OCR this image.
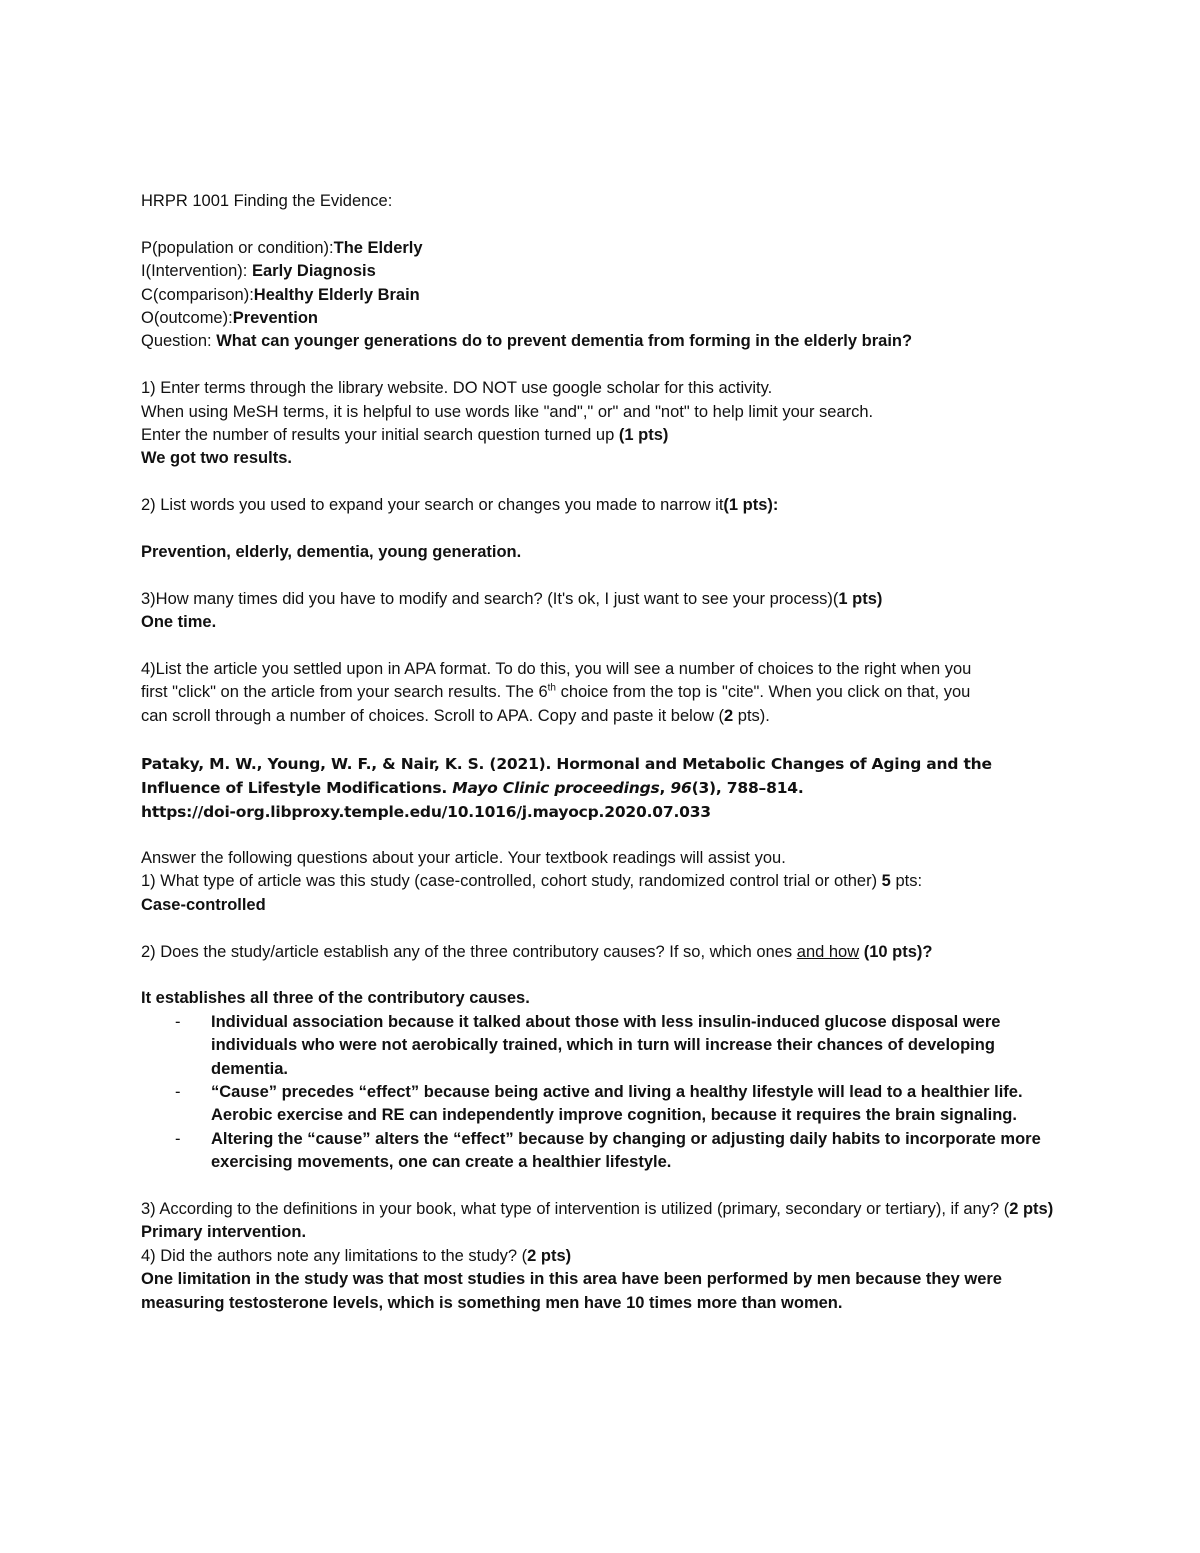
HRPR 1001 Finding the Evidence:

P(population or condition):The Elderly

I(Intervention): Early Diagnosis

C(comparison):Healthy Elderly Brain

O(outcome):Prevention

Question: What can younger generations do to prevent dementia from forming in the elderly brain?

1) Enter terms through the library website. DO NOT use google scholar for this activity.

When using MeSH terms, it is helpful to use words like "and"," or" and "not" to help limit your search.

Enter the number of results your initial search question turned up (1 pts)

We got two results.

2) List words you used to expand your search or changes you made to narrow it(1 pts):

Prevention, elderly, dementia, young generation.

3)How many times did you have to modify and search? (It's ok, I just want to see your process)(1 pts)

One time.

4)List the article you settled upon in APA format. To do this, you will see a number of choices to the right when you

first "click" on the article from your search results. The 6th choice from the top is "cite". When you click on that, you

can scroll through a number of choices. Scroll to APA. Copy and paste it below (2 pts).

Pataky, M. W., Young, W. F., & Nair, K. S. (2021). Hormonal and Metabolic Changes of Aging and the Influence of Lifestyle Modifications. Mayo Clinic proceedings, 96(3), 788–814.

https://doi-org.libproxy.temple.edu/10.1016/j.mayocp.2020.07.033

Answer the following questions about your article. Your textbook readings will assist you.

1) What type of article was this study (case-controlled, cohort study, randomized control trial or other) 5 pts:

Case-controlled

2) Does the study/article establish any of the three contributory causes? If so, which ones and how (10 pts)?

It establishes all three of the contributory causes.

- Individual association because it talked about those with less insulin-induced glucose disposal were individuals who were not aerobically trained, which in turn will increase their chances of developing dementia.
- “Cause” precedes “effect” because being active and living a healthy lifestyle will lead to a healthier life. Aerobic exercise and RE can independently improve cognition, because it requires the brain signaling.
- Altering the “cause” alters the “effect” because by changing or adjusting daily habits to incorporate more exercising movements, one can create a healthier lifestyle.

3) According to the definitions in your book, what type of intervention is utilized (primary, secondary or tertiary), if any? (2 pts)

Primary intervention.

4) Did the authors note any limitations to the study? (2 pts)

One limitation in the study was that most studies in this area have been performed by men because they were measuring testosterone levels, which is something men have 10 times more than women.
